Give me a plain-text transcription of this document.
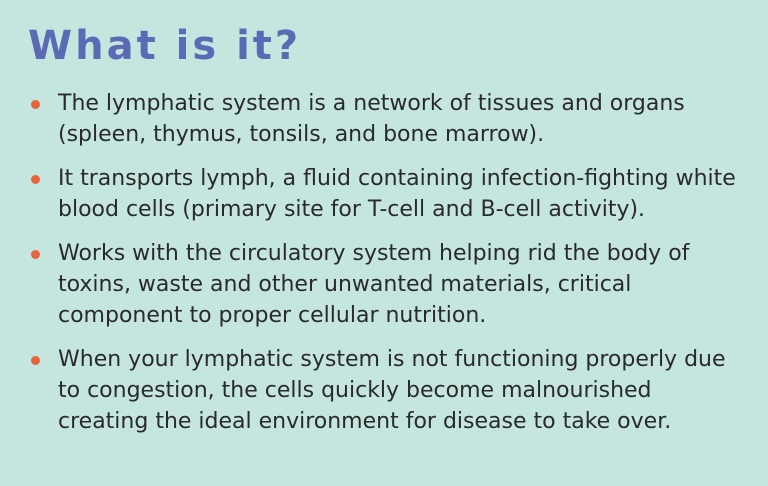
What is it?
The lymphatic system is a network of tissues and organs (spleen, thymus, tonsils, and bone marrow).
It transports lymph, a fluid containing infection-fighting white blood cells (primary site for T-cell and B-cell activity).
Works with the circulatory system helping rid the body of toxins, waste and other unwanted materials, critical component to proper cellular nutrition.
When your lymphatic system is not functioning properly due to congestion, the cells quickly become malnourished creating the ideal environment for disease to take over.
